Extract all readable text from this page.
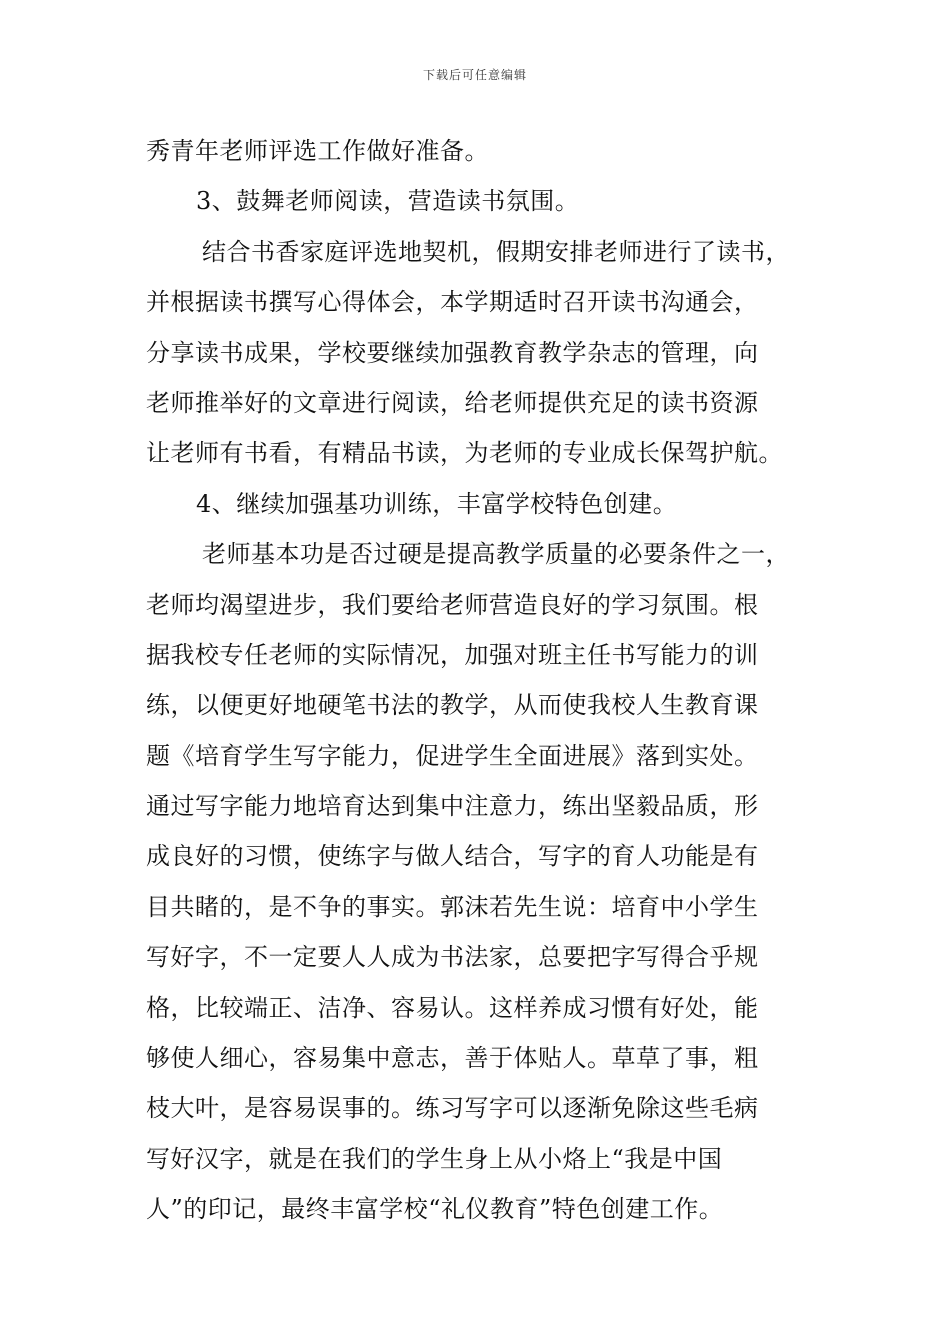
下载后可任意编辑
秀青年老师评选工作做好准备。
3、鼓舞老师阅读，营造读书氛围。
结合书香家庭评选地契机，假期安排老师进行了读书，
并根据读书撰写心得体会，本学期适时召开读书沟通会，
分享读书成果，学校要继续加强教育教学杂志的管理，向
老师推举好的文章进行阅读，给老师提供充足的读书资源
让老师有书看，有精品书读，为老师的专业成长保驾护航。
4、继续加强基功训练，丰富学校特色创建。
老师基本功是否过硬是提高教学质量的必要条件之一，
老师均渴望进步，我们要给老师营造良好的学习氛围。根
据我校专任老师的实际情况，加强对班主任书写能力的训
练，以便更好地硬笔书法的教学，从而使我校人生教育课
题《培育学生写字能力，促进学生全面进展》落到实处。
通过写字能力地培育达到集中注意力，练出坚毅品质，形
成良好的习惯，使练字与做人结合，写字的育人功能是有
目共睹的，是不争的事实。郭沫若先生说：培育中小学生
写好字，不一定要人人成为书法家，总要把字写得合乎规
格，比较端正、洁净、容易认。这样养成习惯有好处，能
够使人细心，容易集中意志，善于体贴人。草草了事，粗
枝大叶，是容易误事的。练习写字可以逐渐免除这些毛病
写好汉字，就是在我们的学生身上从小烙上“我是中国
人”的印记，最终丰富学校“礼仪教育”特色创建工作。
